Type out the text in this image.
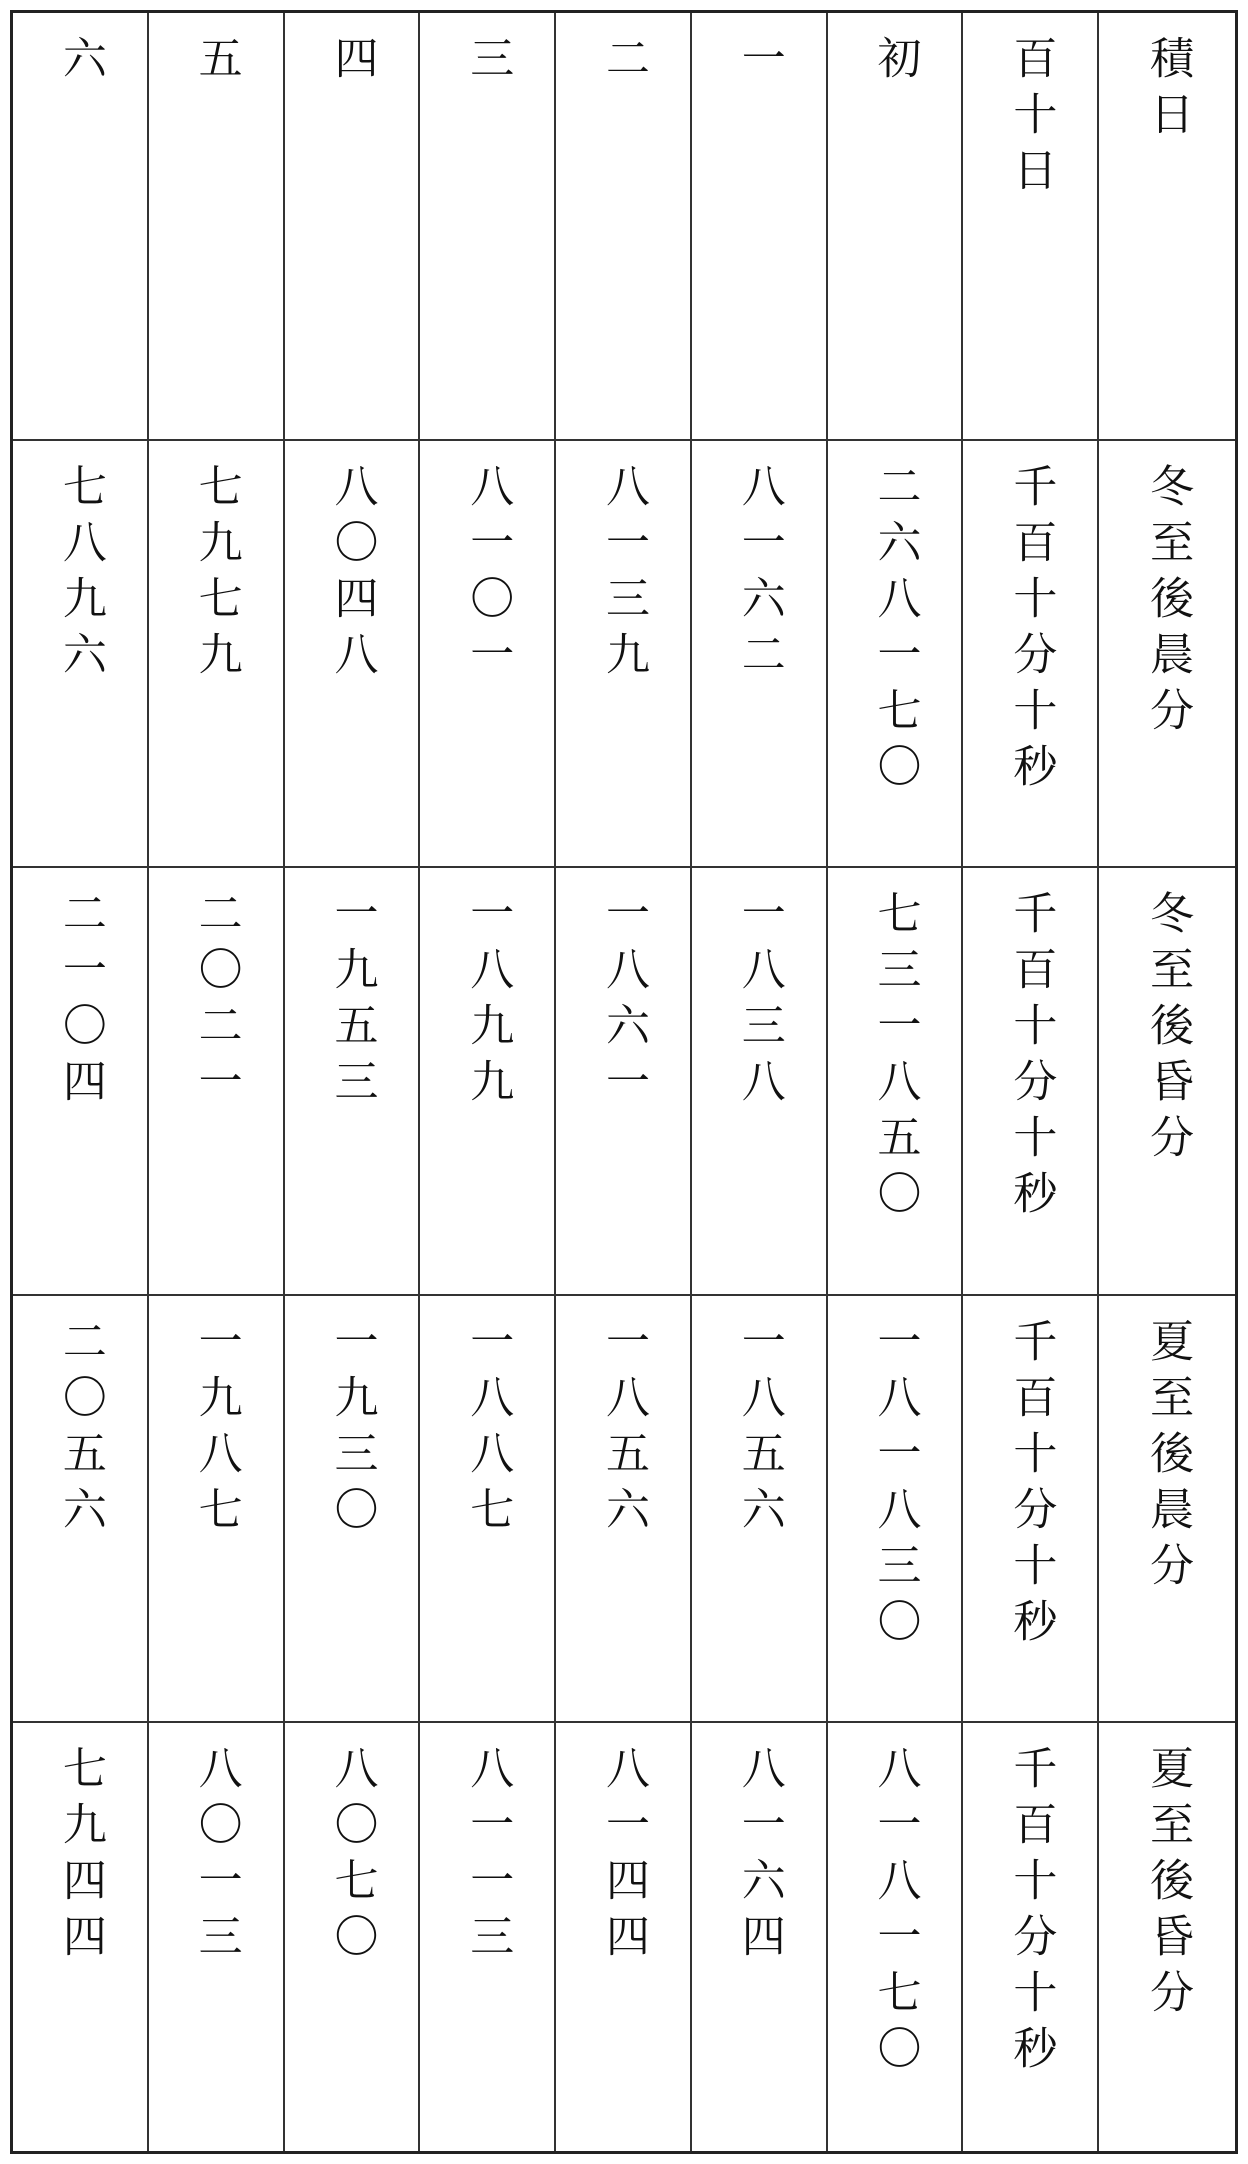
六 五 四 三 二 一 初 百十日 積日
七八九六 七九七九 八〇四八 八一〇一 八一三九 八一六二 二六八一七〇 千百十分十秒 冬至後晨分
二一〇四 二〇二一 一九五三 一八九九 一八六一 一八三八 七三一八五〇 千百十分十秒 冬至後昏分
二〇五六 一九八七 一九三〇 一八八七 一八五六 一八五六 一八一八三〇 千百十分十秒 夏至後晨分
七九四四 八〇一三 八〇七〇 八一一三 八一四四 八一六四 八一八一七〇 千百十分十秒 夏至後昏分
